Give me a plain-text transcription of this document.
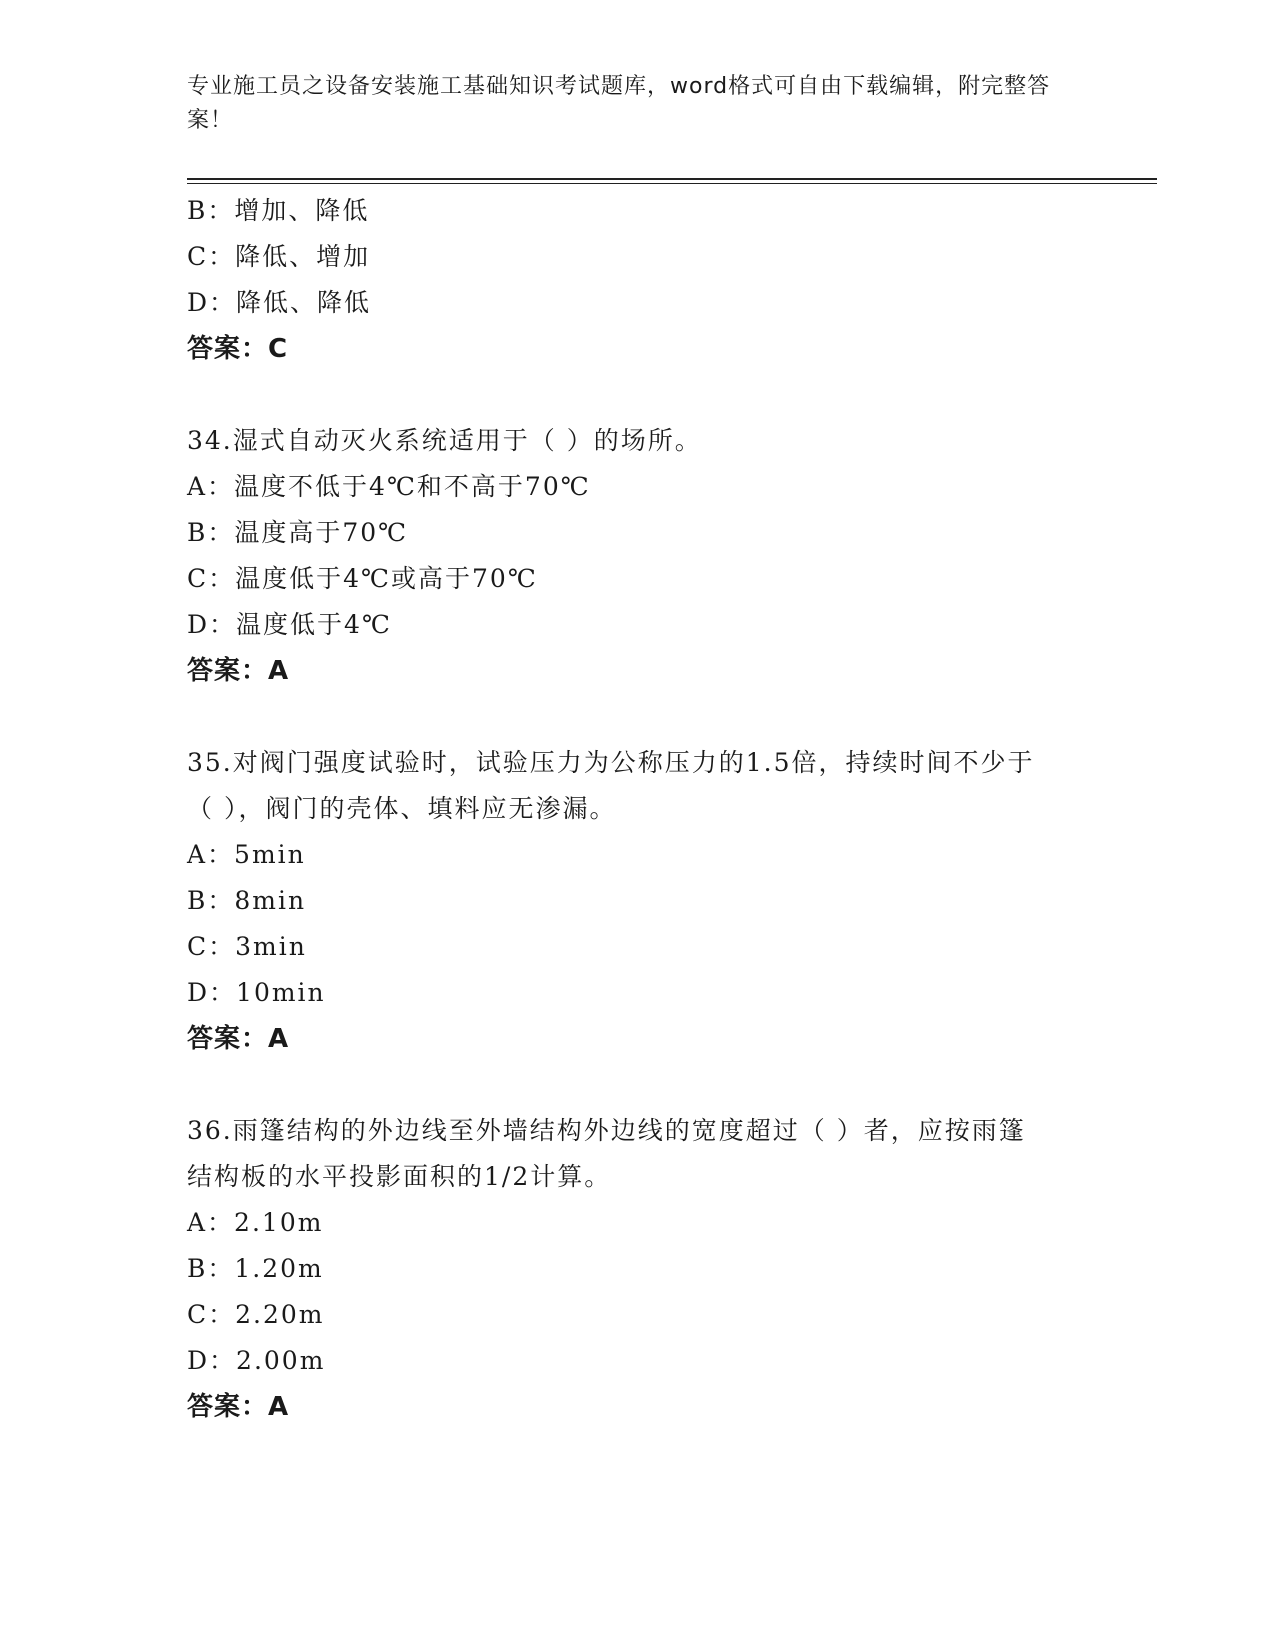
专业施工员之设备安装施工基础知识考试题库，word格式可自由下载编辑，附完整答案！
B：增加、降低
C：降低、增加
D：降低、降低
答案：C
34.湿式自动灭火系统适用于（ ）的场所。
A：温度不低于4℃和不高于70℃
B：温度高于70℃
C：温度低于4℃或高于70℃
D：温度低于4℃
答案：A
35.对阀门强度试验时，试验压力为公称压力的1.5倍，持续时间不少于（ ），阀门的壳体、填料应无渗漏。
A：5min
B：8min
C：3min
D：10min
答案：A
36.雨篷结构的外边线至外墙结构外边线的宽度超过（ ）者，应按雨篷结构板的水平投影面积的1/2计算。
A：2.10m
B：1.20m
C：2.20m
D：2.00m
答案：A
